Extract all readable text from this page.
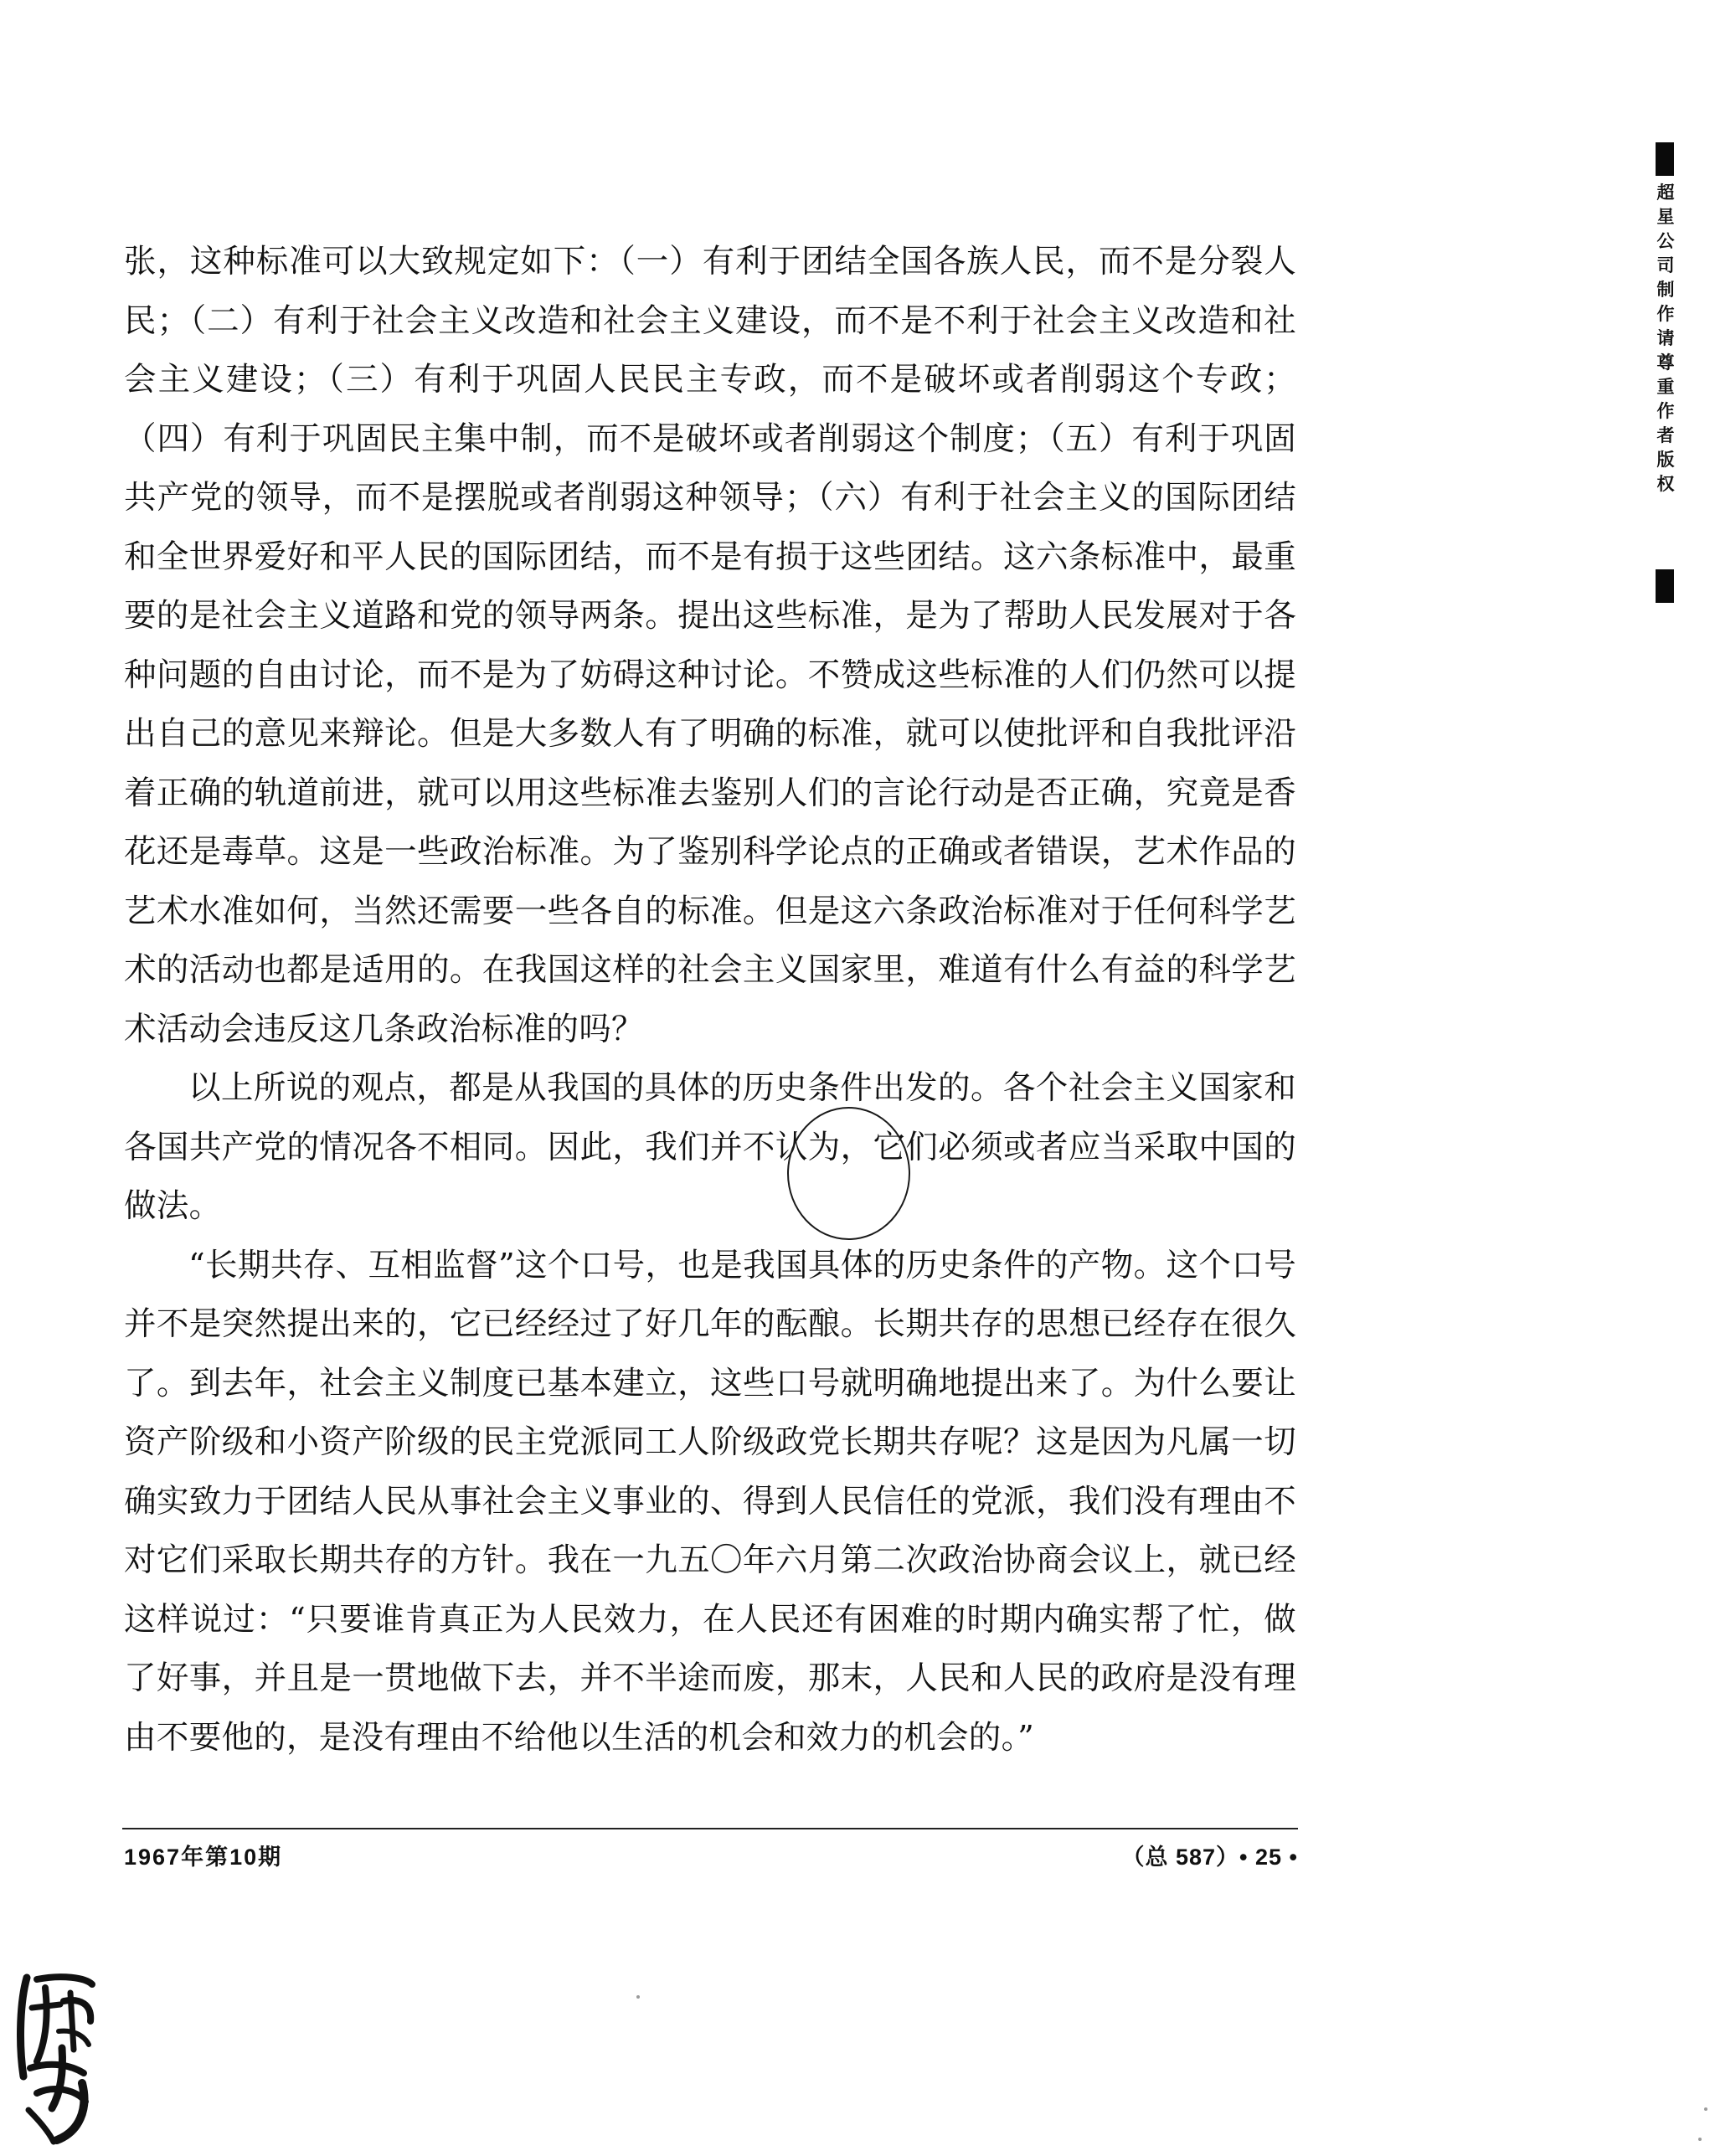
张，这种标准可以大致规定如下：（一）有利于团结全国各族人民，而不是分裂人民；（二）有利于社会主义改造和社会主义建设，而不是不利于社会主义改造和社会主义建设；（三）有利于巩固人民民主专政，而不是破坏或者削弱这个专政；（四）有利于巩固民主集中制，而不是破坏或者削弱这个制度；（五）有利于巩固共产党的领导，而不是摆脱或者削弱这种领导；（六）有利于社会主义的国际团结和全世界爱好和平人民的国际团结，而不是有损于这些团结。这六条标准中，最重要的是社会主义道路和党的领导两条。提出这些标准，是为了帮助人民发展对于各种问题的自由讨论，而不是为了妨碍这种讨论。不赞成这些标准的人们仍然可以提出自己的意见来辩论。但是大多数人有了明确的标准，就可以使批评和自我批评沿着正确的轨道前进，就可以用这些标准去鉴别人们的言论行动是否正确，究竟是香花还是毒草。这是一些政治标准。为了鉴别科学论点的正确或者错误，艺术作品的艺术水准如何，当然还需要一些各自的标准。但是这六条政治标准对于任何科学艺术的活动也都是适用的。在我国这样的社会主义国家里，难道有什么有益的科学艺术活动会违反这几条政治标准的吗？

以上所说的观点，都是从我国的具体的历史条件出发的。各个社会主义国家和各国共产党的情况各不相同。因此，我们并不认为，它们必须或者应当采取中国的做法。

“长期共存、互相监督”这个口号，也是我国具体的历史条件的产物。这个口号并不是突然提出来的，它已经经过了好几年的酝酿。长期共存的思想已经存在很久了。到去年，社会主义制度已基本建立，这些口号就明确地提出来了。为什么要让资产阶级和小资产阶级的民主党派同工人阶级政党长期共存呢？这是因为凡属一切确实致力于团结人民从事社会主义事业的、得到人民信任的党派，我们没有理由不对它们采取长期共存的方针。我在一九五〇年六月第二次政治协商会议上，就已经这样说过：“只要谁肯真正为人民效力，在人民还有困难的时期内确实帮了忙，做了好事，并且是一贯地做下去，并不半途而废，那末，人民和人民的政府是没有理由不要他的，是没有理由不给他以生活的机会和效力的机会的。”

1967年第10期	（总 587）• 25 •
超星公司制作请尊重作者版权
